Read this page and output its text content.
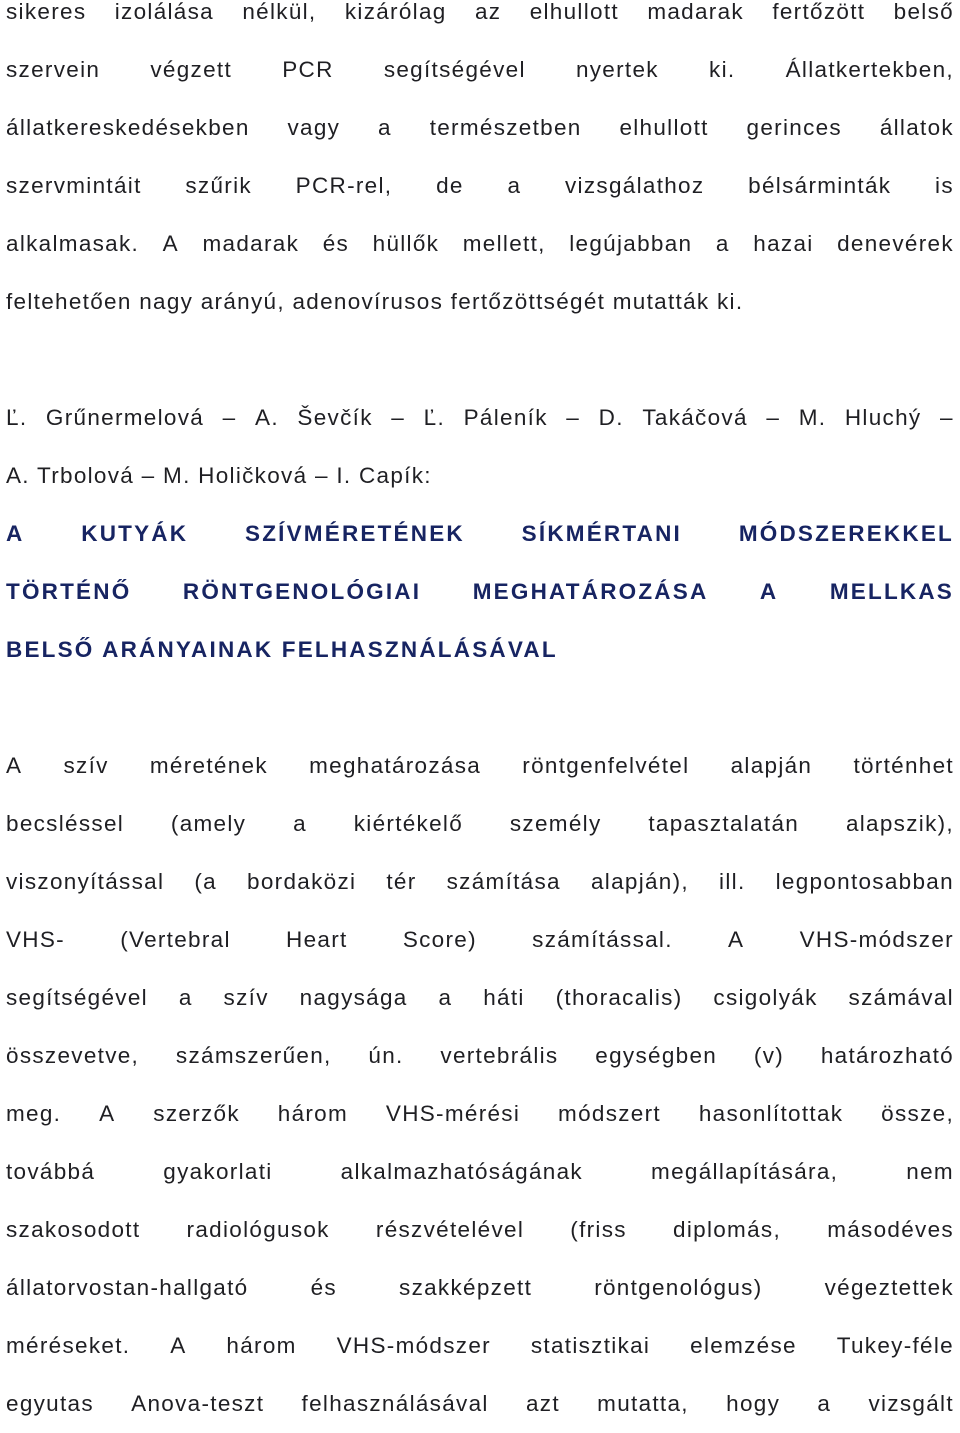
sikeres izolálása nélkül, kizárólag az elhullott madarak fertőzött belső
szervein végzett PCR segítségével nyertek ki. Állatkertekben,
állatkereskedésekben vagy a természetben elhullott gerinces állatok
szervmintáit szűrik PCR-rel, de a vizsgálathoz bélsárminták is
alkalmasak. A madarak és hüllők mellett, legújabban a hazai denevérek
feltehetően nagy arányú, adenovírusos fertőzöttségét mutatták ki.
Ľ. Grűnermelová – A. Ševčík – Ľ. Páleník – D. Takáčová – M. Hluchý –
A. Trbolová – M. Holičková – I. Capík:
A	KUTYÁK	SZÍVMÉRETÉNEK	SÍKMÉRTANI	MÓDSZEREKKEL
TÖRTÉNŐ RÖNTGENOLÓGIAI MEGHATÁROZÁSA A MELLKAS
BELSŐ ARÁNYAINAK FELHASZNÁLÁSÁVAL
A szív méretének meghatározása röntgenfelvétel alapján történhet
becsléssel (amely a kiértékelő személy tapasztalatán alapszik),
viszonyítással (a bordaközi tér számítása alapján), ill. legpontosabban
VHS- (Vertebral Heart Score) számítással. A VHS-módszer
segítségével a szív nagysága a háti (thoracalis) csigolyák számával
összevetve, számszerűen, ún. vertebrális egységben (v) határozható
meg. A szerzők három VHS-mérési módszert hasonlítottak össze,
továbbá	gyakorlati	alkalmazhatóságának	megállapítására,	nem
szakosodott radiológusok részvételével (friss diplomás, másodéves
állatorvostan-hallgató	és	szakképzett	röntgenológus)	végeztettek
méréseket. A három VHS-módszer statisztikai elemzése Tukey-féle
egyutas Anova-teszt felhasználásával azt mutatta, hogy a vizsgált
